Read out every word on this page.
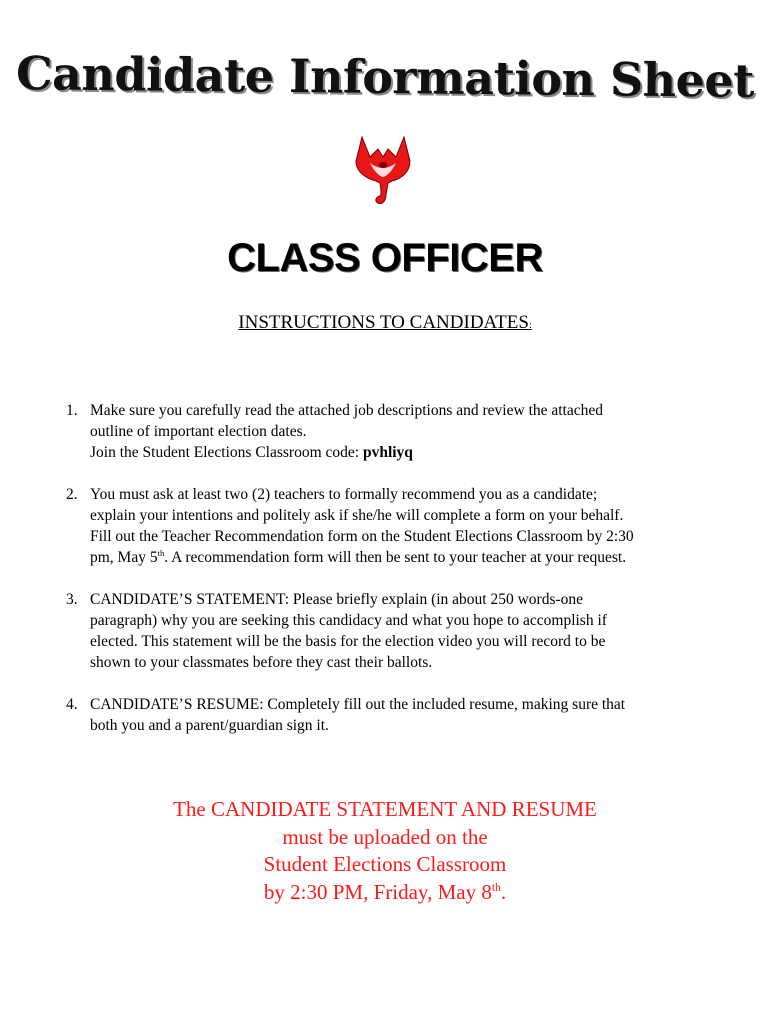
Candidate Information Sheet
CLASS OFFICER
INSTRUCTIONS TO CANDIDATES:
1. Make sure you carefully read the attached job descriptions and review the attached
outline of important election dates.
Join the Student Elections Classroom code: pvhliyq
2. You must ask at least two (2) teachers to formally recommend you as a candidate;
explain your intentions and politely ask if she/he will complete a form on your behalf.
Fill out the Teacher Recommendation form on the Student Elections Classroom by 2:30
pm, May 5th. A recommendation form will then be sent to your teacher at your request.
3. CANDIDATE’S STATEMENT: Please briefly explain (in about 250 words-one
paragraph) why you are seeking this candidacy and what you hope to accomplish if
elected. This statement will be the basis for the election video you will record to be
shown to your classmates before they cast their ballots.
4. CANDIDATE’S RESUME: Completely fill out the included resume, making sure that
both you and a parent/guardian sign it.
The CANDIDATE STATEMENT AND RESUME
must be uploaded on the
Student Elections Classroom
by 2:30 PM, Friday, May 8th.
